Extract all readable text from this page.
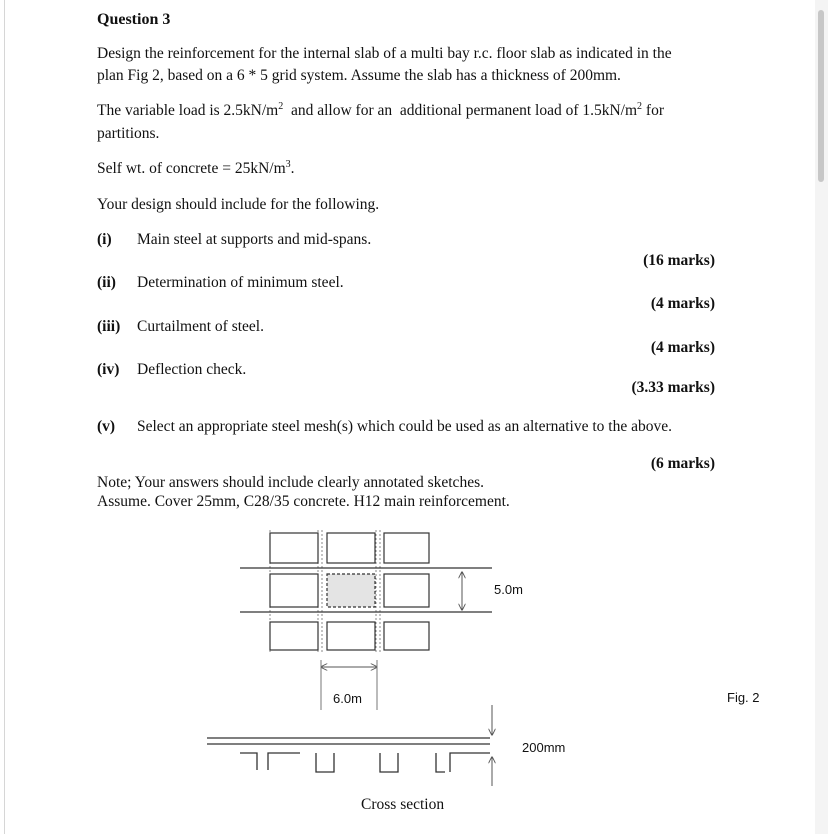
Question 3
Design the reinforcement for the internal slab of a multi bay r.c. floor slab as indicated in the
plan Fig 2, based on a 6 * 5 grid system. Assume the slab has a thickness of 200mm.
The variable load is $2.5kN/m^2$  and allow for an  additional permanent load of $1.5kN/m^2$ for
partitions.
Self wt. of concrete = $25kN/m^3$.
Your design should include for the following.
(i) Main steel at supports and mid-spans.
(16 marks)
(ii) Determination of minimum steel.
(4 marks)
(iii) Curtailment of steel.
(4 marks)
(iv) Deflection check.
(3.33 marks)
(v) Select an appropriate steel mesh(s) which could be used as an alternative to the above.
(6 marks)
Note; Your answers should include clearly annotated sketches.
Assume. Cover 25mm, C28/35 concrete. H12 main reinforcement.
5.0m
6.0m
200mm
Fig. 2
Cross section
